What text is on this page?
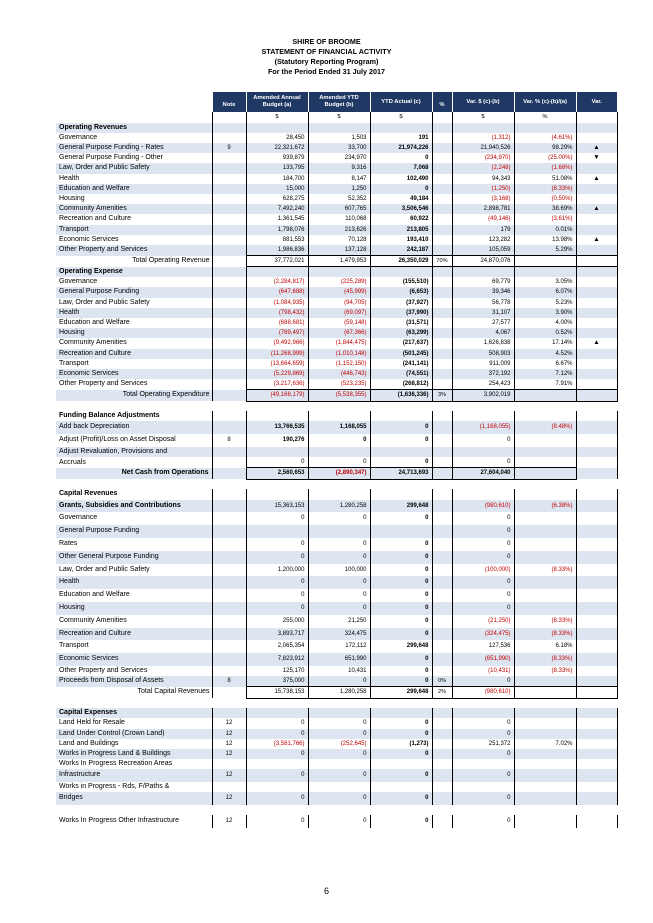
SHIRE OF BROOME
STATEMENT OF FINANCIAL ACTIVITY
(Statutory Reporting Program)
For the Period Ended 31 July 2017
	Note	Amended Annual Budget (a)	Amended YTD Budget (b)	YTD Actual (c)	%	Var. $ (c)-(b)	Var. % (c)-(b)/(a)	Var.
		$	$	$		$	%	
Operating Revenues								
Governance		28,450	1,503	191		(1,312)	(4.61%)	
General Purpose Funding - Rates	9	22,321,672	33,700	21,974,226		21,940,526	98.29%	▲
General Purpose Funding - Other		939,879	234,970	0		(234,970)	(25.00%)	▼
Law, Order and Public Safety		133,795	9,316	7,068		(2,248)	(1.68%)	
Health		184,700	8,147	102,490		94,343	51.08%	▲
Education and Welfare		15,000	1,250	0		(1,250)	(8.33%)	
Housing		628,275	52,352	49,184		(3,168)	(0.50%)	
Community Amenities		7,492,240	607,765	3,506,546		2,898,781	38.69%	▲
Recreation and Culture		1,361,545	110,068	60,922		(49,146)	(3.61%)	
Transport		1,798,076	213,626	213,805		179	0.01%	
Economic Services		881,553	70,128	193,410		123,282	13.98%	▲
Other Property and Services		1,986,836	137,128	242,187		105,059	5.29%	
Total Operating Revenue		37,772,021	1,479,953	26,350,029	70%	24,870,076		
Operating Expense								
Governance		(2,284,817)	(225,289)	(155,510)		69,779	3.05%	
General Purpose Funding		(647,688)	(45,999)	(6,653)		39,346	6.07%	
Law, Order and Public Safety		(1,084,935)	(94,705)	(37,927)		56,778	5.23%	
Health		(798,432)	(69,097)	(37,990)		31,107	3.90%	
Education and Welfare		(688,681)	(59,148)	(31,571)		27,577	4.00%	
Housing		(789,497)	(67,366)	(63,299)		4,067	0.52%	
Community Amenities		(9,492,966)	(1,844,475)	(217,637)		1,626,838	17.14%	▲
Recreation and Culture		(11,268,999)	(1,010,148)	(501,245)		508,903	4.52%	
Transport		(13,664,659)	(1,152,150)	(241,141)		911,009	6.67%	
Economic Services		(5,229,869)	(446,743)	(74,551)		372,192	7.12%	
Other Property and Services		(3,217,636)	(523,235)	(268,812)		254,423	7.91%	
Total Operating Expenditure		(49,168,179)	(5,538,355)	(1,636,336)	3%	3,902,019		

Funding Balance Adjustments								
Add back Depreciation		13,766,535	1,168,055	0		(1,168,055)	(8.48%)	
Adjust (Profit)/Loss on Asset Disposal	8	190,276	0	0		0		
Adjust Revaluation, Provisions and								
Accruals		0	0	0		0		
Net Cash from Operations		2,560,653	(2,890,347)	24,713,693		27,604,040		

Capital Revenues								
Grants, Subsidies and Contributions		15,363,153	1,280,258	299,648		(980,610)	(6.38%)	
Governance		0	0	0		0		
General Purpose Funding						0		
Rates		0	0	0		0		
Other General Purpose Funding		0	0	0		0		
Law, Order and Public Safety		1,200,000	100,000	0		(100,000)	(8.33%)	
Health		0	0	0		0		
Education and Welfare		0	0	0		0		
Housing		0	0	0		0		
Community Amenities		255,000	21,250	0		(21,250)	(8.33%)	
Recreation and Culture		3,893,717	324,475	0		(324,475)	(8.33%)	
Transport		2,065,354	172,112	299,648		127,536	6.18%	
Economic Services		7,823,912	651,990	0		(651,990)	(8.33%)	
Other Property and Services		125,170	10,431	0		(10,431)	(8.33%)	
Proceeds from Disposal of Assets	8	375,000	0	0	0%	0		
Total Capital Revenues		15,738,153	1,280,258	299,648	2%	(980,610)		

Capital Expenses								
Land Held for Resale	12	0	0	0		0		
Land Under Control (Crown Land)	12	0	0	0		0		
Land and Buildings	12	(3,581,766)	(252,645)	(1,273)		251,372	7.02%	
Works in Progress Land & Buildings	12	0	0	0		0		
Works In Progress Recreation Areas								
Infrastructure	12	0	0	0		0		
Works in Progress - Rds, F/Paths &								
Bridges	12	0	0	0		0		

Works In Progress Other Infrastructure	12	0	0	0		0		
6
